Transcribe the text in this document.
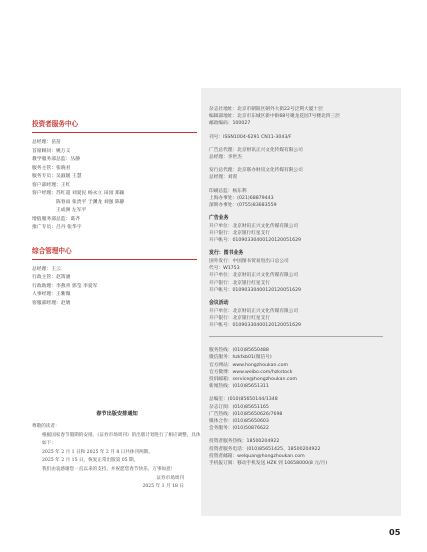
投资者服务中心
总经理： 苗苗
首席顾问： 姚万义
教学服务部总监： 丛静
服务主管： 张晓君
服务专员： 吴淑媛 王慧
客户部经理： 王红
客户经理： 苏红超 刘爱民 杨永立 田园 郑颖
陈春雨 张贵平 于渊龙 刘强 陈静
王成洲 左军平
增值服务部总监： 葛齐
推广专员： 吕丹 张华宇
综合管理中心
总经理： 王云
行政主管： 赵箐涵
行政助理： 李燕青 郭莹 李爱军
人事经理： 王紫微
客服部经理： 赵婧
春节出版安排通知

尊敬的读者：

根据国家春节假期的安排，《证券市场周刊》的出版计划进行了相应调整，具体如下：

2025 年 2 月 1 日和 2025 年 2 月 8 日共休刊两期。

2025 年 2 月 15 日，恢复正常出版第 05 期。

我们由衷感谢您一直以来的支持，并祝愿您春节快乐，万事如意！

证券市场周刊

2025 年 1 月 18 日

杂志社地址：北京市朝阳区朝外大街22号泛利大厦十层
编辑部地址：北京市东城区新中街68号聚龙花园7号楼北四三层
邮政编码：100027
刊号：ISSN1004-6291 CN11-3043/F
广告总代理：北京财讯正兴文化传媒有限公司
总经理：李世杰
发行总代理：北京联办财讯文化传媒有限公司
总经理：刘霄
印刷总监：杨东利
上海办事处：(021)68879443
深圳办事处：(0755)83683559
广告业务
开户单位：北京财讯正兴文化传媒有限公司
开户银行：北京银行红星支行
开户帐号：01090330400120120051629
发行：图书业务
国外发行：中国图书贸易进出口总公司
代号：W1753
开户单位：北京财讯正兴文化传媒有限公司
开户银行：北京银行红星支行
开户帐号：01090330400120120051629
会议活动
开户单位：北京财讯正兴文化传媒有限公司
开户银行：北京银行红星支行
开户帐号：01090330400120120051629
服务热线：(010)85650488
微信服务：hzkfxb01(微信号)
官方网站：www.hongzhoukan.com
官方微博：www.weibo.com/hzkstock
投诉邮箱：service@hongzhoukan.com
新闻热线：(010)85651311
总编室：(010)85650144/1348
杂志订阅：(010)85651165
广告热线：(010)85650626/7698
媒体合作：(010)85650603
会务服务：(010)50876622
投资者服务热线：18500204922
投资者服务电话：(010)85651425、18500204922
投资者邮箱：welquan@hongzhoukan.com
手机报订阅：移动手机发送 HZK 到 10658000(8 元/月)
05
